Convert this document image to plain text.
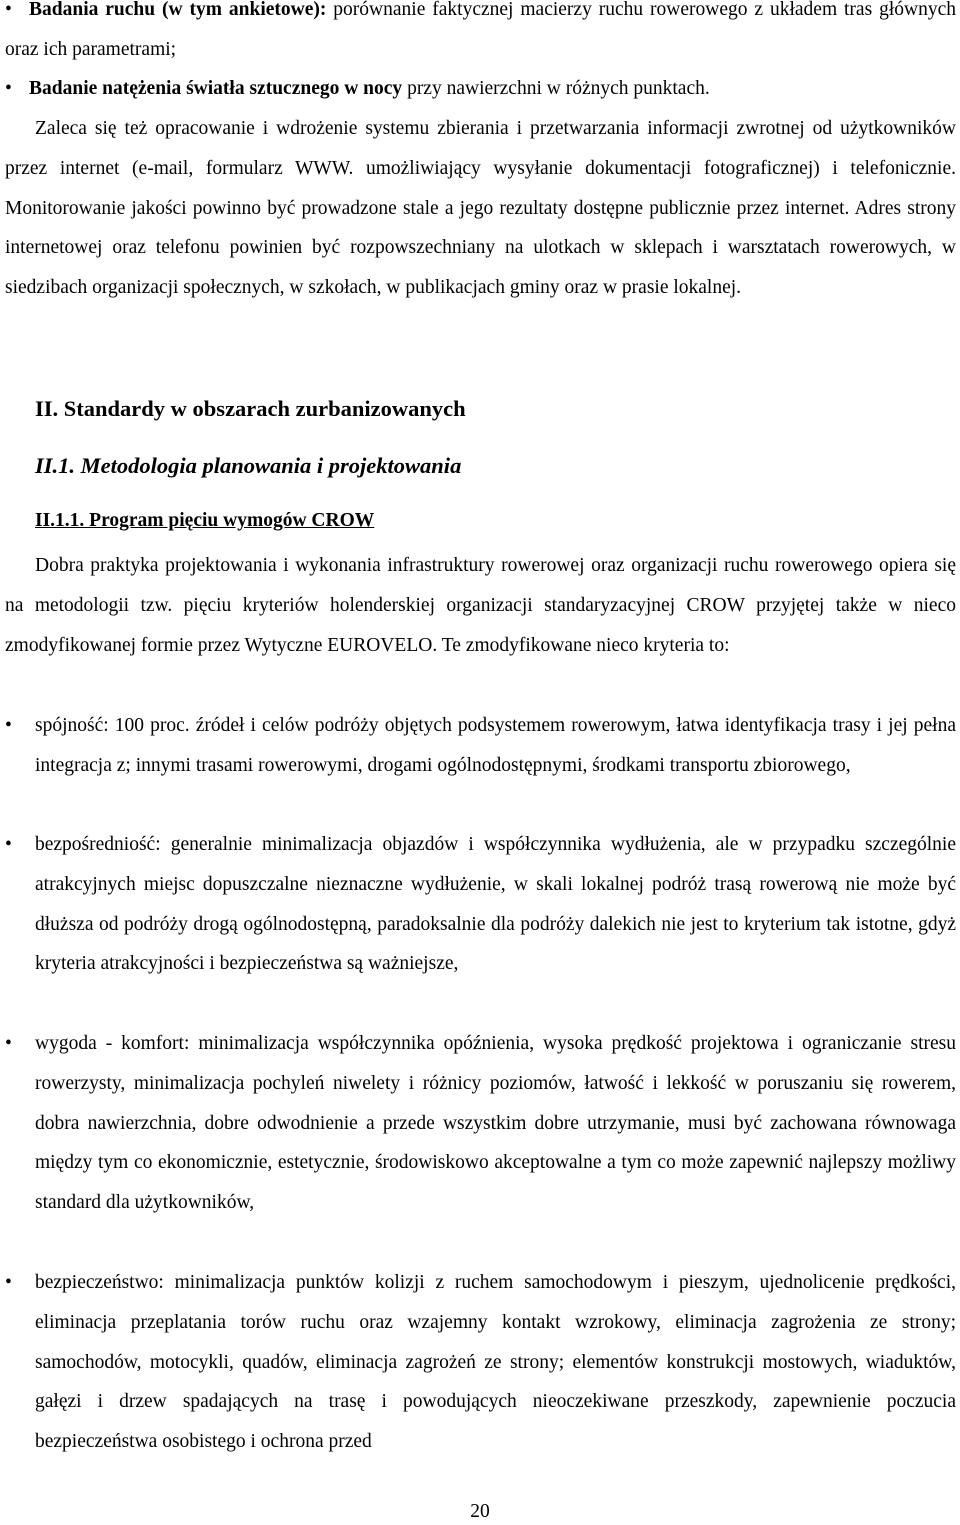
• Badania ruchu (w tym ankietowe): porównanie faktycznej macierzy ruchu rowerowego z układem tras głównych oraz ich parametrami;

• Badanie natężenia światła sztucznego w nocy przy nawierzchni w różnych punktach.

Zaleca się też opracowanie i wdrożenie systemu zbierania i przetwarzania informacji zwrotnej od użytkowników przez internet (e-mail, formularz WWW. umożliwiający wysyłanie dokumentacji fotograficznej) i telefonicznie. Monitorowanie jakości powinno być prowadzone stale a jego rezultaty dostępne publicznie przez internet. Adres strony internetowej oraz telefonu powinien być rozpowszechniany na ulotkach w sklepach i warsztatach rowerowych, w siedzibach organizacji społecznych, w szkołach, w publikacjach gminy oraz w prasie lokalnej.

II. Standardy w obszarach zurbanizowanych
II.1. Metodologia planowania i projektowania
II.1.1. Program pięciu wymogów CROW

Dobra praktyka projektowania i wykonania infrastruktury rowerowej oraz organizacji ruchu rowerowego opiera się na metodologii tzw. pięciu kryteriów holenderskiej organizacji standaryzacyjnej CROW przyjętej także w nieco zmodyfikowanej formie przez Wytyczne EUROVELO. Te zmodyfikowane nieco kryteria to:

• spójność: 100 proc. źródeł i celów podróży objętych podsystemem rowerowym, łatwa identyfikacja trasy i jej pełna integracja z; innymi trasami rowerowymi, drogami ogólnodostępnymi, środkami transportu zbiorowego,
• bezpośredniość: generalnie minimalizacja objazdów i współczynnika wydłużenia, ale w przypadku szczególnie atrakcyjnych miejsc dopuszczalne nieznaczne wydłużenie, w skali lokalnej podróż trasą rowerową nie może być dłuższa od podróży drogą ogólnodostępną, paradoksalnie dla podróży dalekich nie jest to kryterium tak istotne, gdyż kryteria atrakcyjności i bezpieczeństwa są ważniejsze,
• wygoda - komfort: minimalizacja współczynnika opóźnienia, wysoka prędkość projektowa i ograniczanie stresu rowerzysty, minimalizacja pochyleń niwelety i różnicy poziomów, łatwość i lekkość w poruszaniu się rowerem, dobra nawierzchnia, dobre odwodnienie a przede wszystkim dobre utrzymanie, musi być zachowana równowaga między tym co ekonomicznie, estetycznie, środowiskowo akceptowalne a tym co może zapewnić najlepszy możliwy standard dla użytkowników,
• bezpieczeństwo: minimalizacja punktów kolizji z ruchem samochodowym i pieszym, ujednolicenie prędkości, eliminacja przeplatania torów ruchu oraz wzajemny kontakt wzrokowy, eliminacja zagrożenia ze strony; samochodów, motocykli, quadów, eliminacja zagrożeń ze strony; elementów konstrukcji mostowych, wiaduktów, gałęzi i drzew spadających na trasę i powodujących nieoczekiwane przeszkody, zapewnienie poczucia bezpieczeństwa osobistego i ochrona przed
20
